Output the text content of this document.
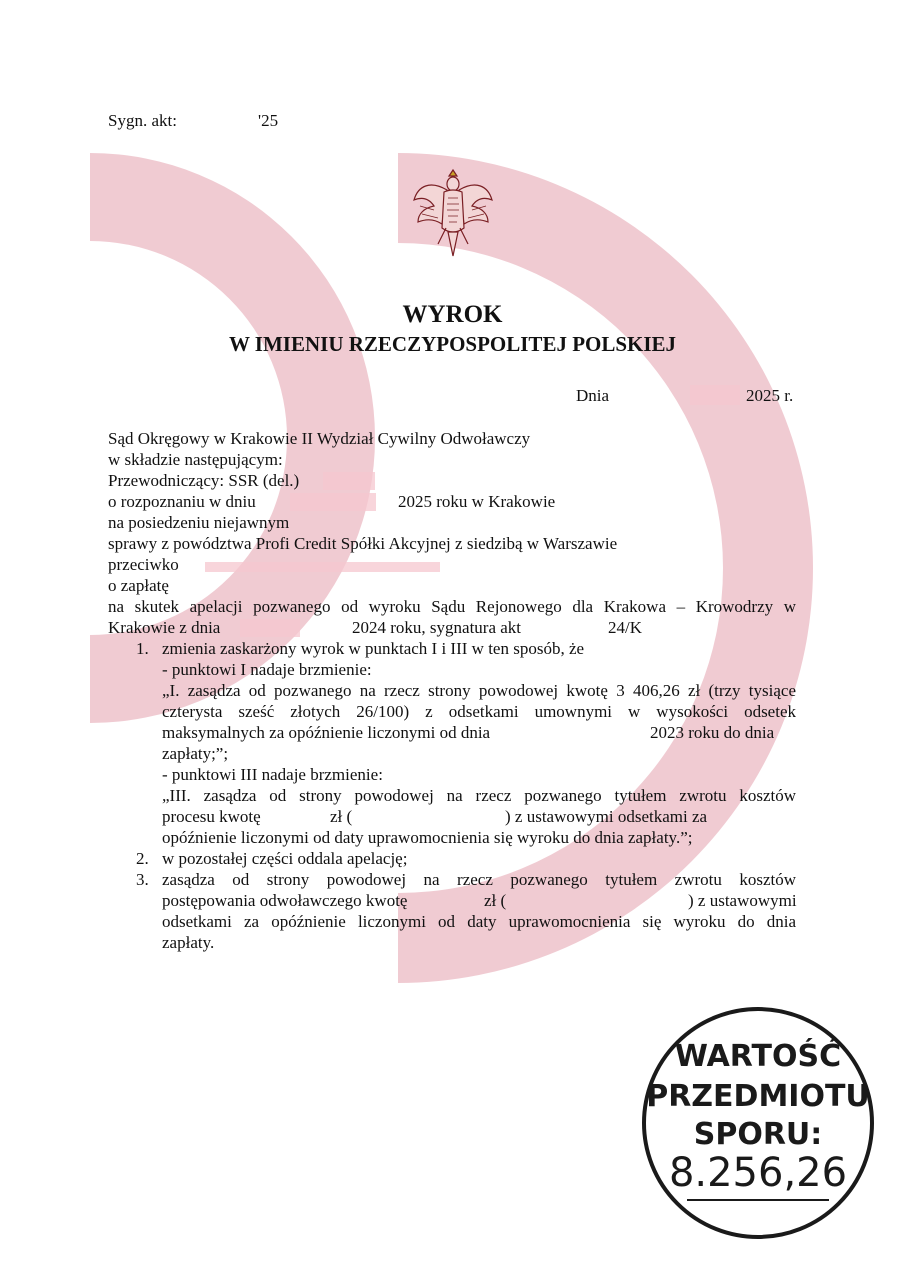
Sygn. akt:	'25
WYROK
W IMIENIU RZECZYPOSPOLITEJ POLSKIEJ
Dnia	2025 r.
Sąd Okręgowy w Krakowie II Wydział Cywilny Odwoławczy
w składzie następującym:
Przewodniczący: SSR (del.)
o rozpoznaniu w dniu	2025 roku w Krakowie
na posiedzeniu niejawnym
sprawy z powództwa Profi Credit Spółki Akcyjnej z siedzibą w Warszawie
przeciwko
o zapłatę
na skutek apelacji pozwanego od wyroku Sądu Rejonowego dla Krakowa – Krowodrzy w
Krakowie z dnia	2024 roku, sygnatura akt	24/K
1. zmienia zaskarżony wyrok w punktach I i III w ten sposób, że
- punktowi I nadaje brzmienie:
„I. zasądza od pozwanego na rzecz strony powodowej kwotę 3 406,26 zł (trzy tysiące
czterysta sześć złotych 26/100) z odsetkami umownymi w wysokości odsetek
maksymalnych za opóźnienie liczonymi od dnia	2023 roku do dnia
zapłaty;”;
- punktowi III nadaje brzmienie:
„III. zasądza od strony powodowej na rzecz pozwanego tytułem zwrotu kosztów
procesu kwotę	zł (	) z ustawowymi odsetkami za
opóźnienie liczonymi od daty uprawomocnienia się wyroku do dnia zapłaty.”;
2. w pozostałej części oddala apelację;
3. zasądza od strony powodowej na rzecz pozwanego tytułem zwrotu kosztów
postępowania odwoławczego kwotę	zł (	) z ustawowymi
odsetkami za opóźnienie liczonymi od daty uprawomocnienia się wyroku do dnia
zapłaty.
WARTOŚĆ
PRZEDMIOTU
SPORU:
8.256,26
